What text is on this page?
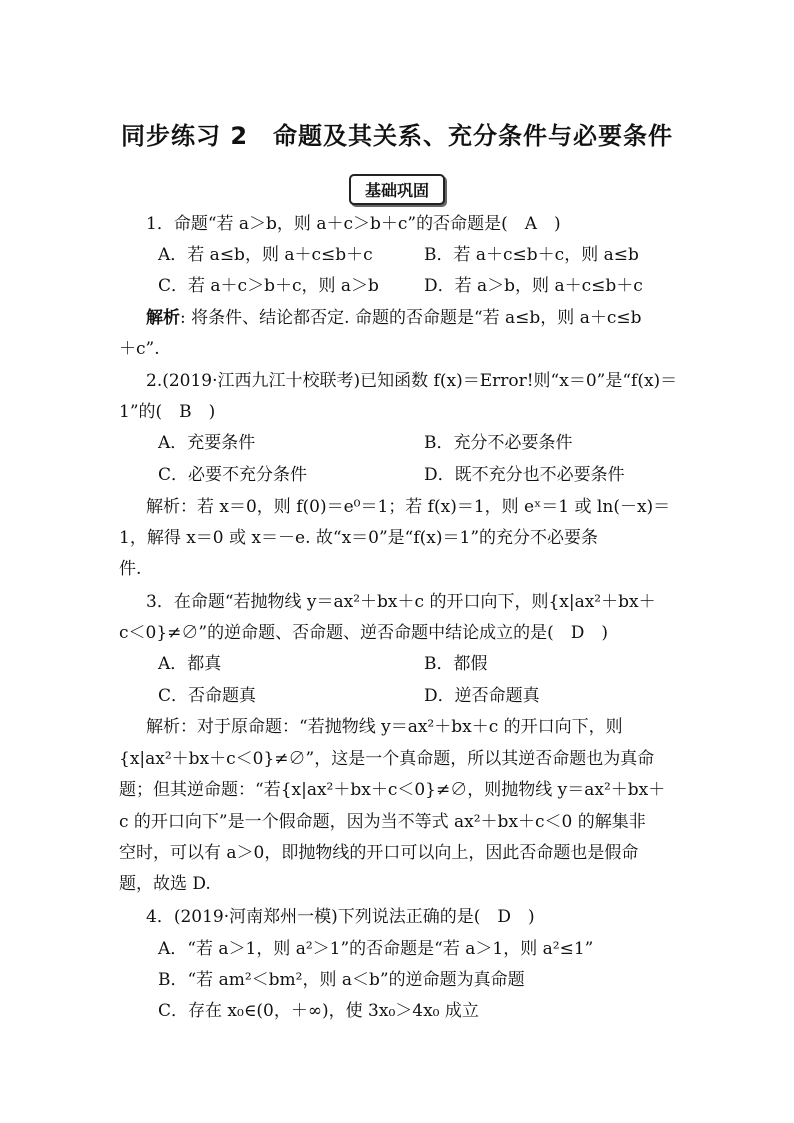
同步练习 2　命题及其关系、充分条件与必要条件
基础巩固
1．命题“若 a＞b，则 a＋c＞b＋c”的否命题是(　A　)
A．若 a≤b，则 a＋c≤b＋c	B．若 a＋c≤b＋c，则 a≤b
C．若 a＋c＞b＋c，则 a＞b	D．若 a＞b，则 a＋c≤b＋c
解析: 将条件、结论都否定. 命题的否命题是“若 a≤b，则 a＋c≤b
＋c”.
2.(2019·江西九江十校联考)已知函数 f(x)＝Error!则“x＝0”是“f(x)＝
1”的(　B　)
A．充要条件	B．充分不必要条件
C．必要不充分条件	D．既不充分也不必要条件
解析：若 x＝0，则 f(0)＝e⁰＝1；若 f(x)＝1，则 eˣ＝1 或 ln(－x)＝
1，解得 x＝0 或 x＝－e. 故“x＝0”是“f(x)＝1”的充分不必要条
件.
3．在命题“若抛物线 y＝ax²＋bx＋c 的开口向下，则{x|ax²＋bx＋
c＜0}≠∅”的逆命题、否命题、逆否命题中结论成立的是(　D　)
A．都真	B．都假
C．否命题真	D．逆否命题真
解析：对于原命题：“若抛物线 y＝ax²＋bx＋c 的开口向下，则
{x|ax²＋bx＋c＜0}≠∅”，这是一个真命题，所以其逆否命题也为真命
题；但其逆命题：“若{x|ax²＋bx＋c＜0}≠∅，则抛物线 y＝ax²＋bx＋
c 的开口向下”是一个假命题，因为当不等式 ax²＋bx＋c＜0 的解集非
空时，可以有 a＞0，即抛物线的开口可以向上，因此否命题也是假命
题，故选 D.
4．(2019·河南郑州一模)下列说法正确的是(　D　)
A．“若 a＞1，则 a²＞1”的否命题是“若 a＞1，则 a²≤1”
B．“若 am²＜bm²，则 a＜b”的逆命题为真命题
C．存在 x₀∈(0，＋∞)，使 3x₀＞4x₀ 成立
